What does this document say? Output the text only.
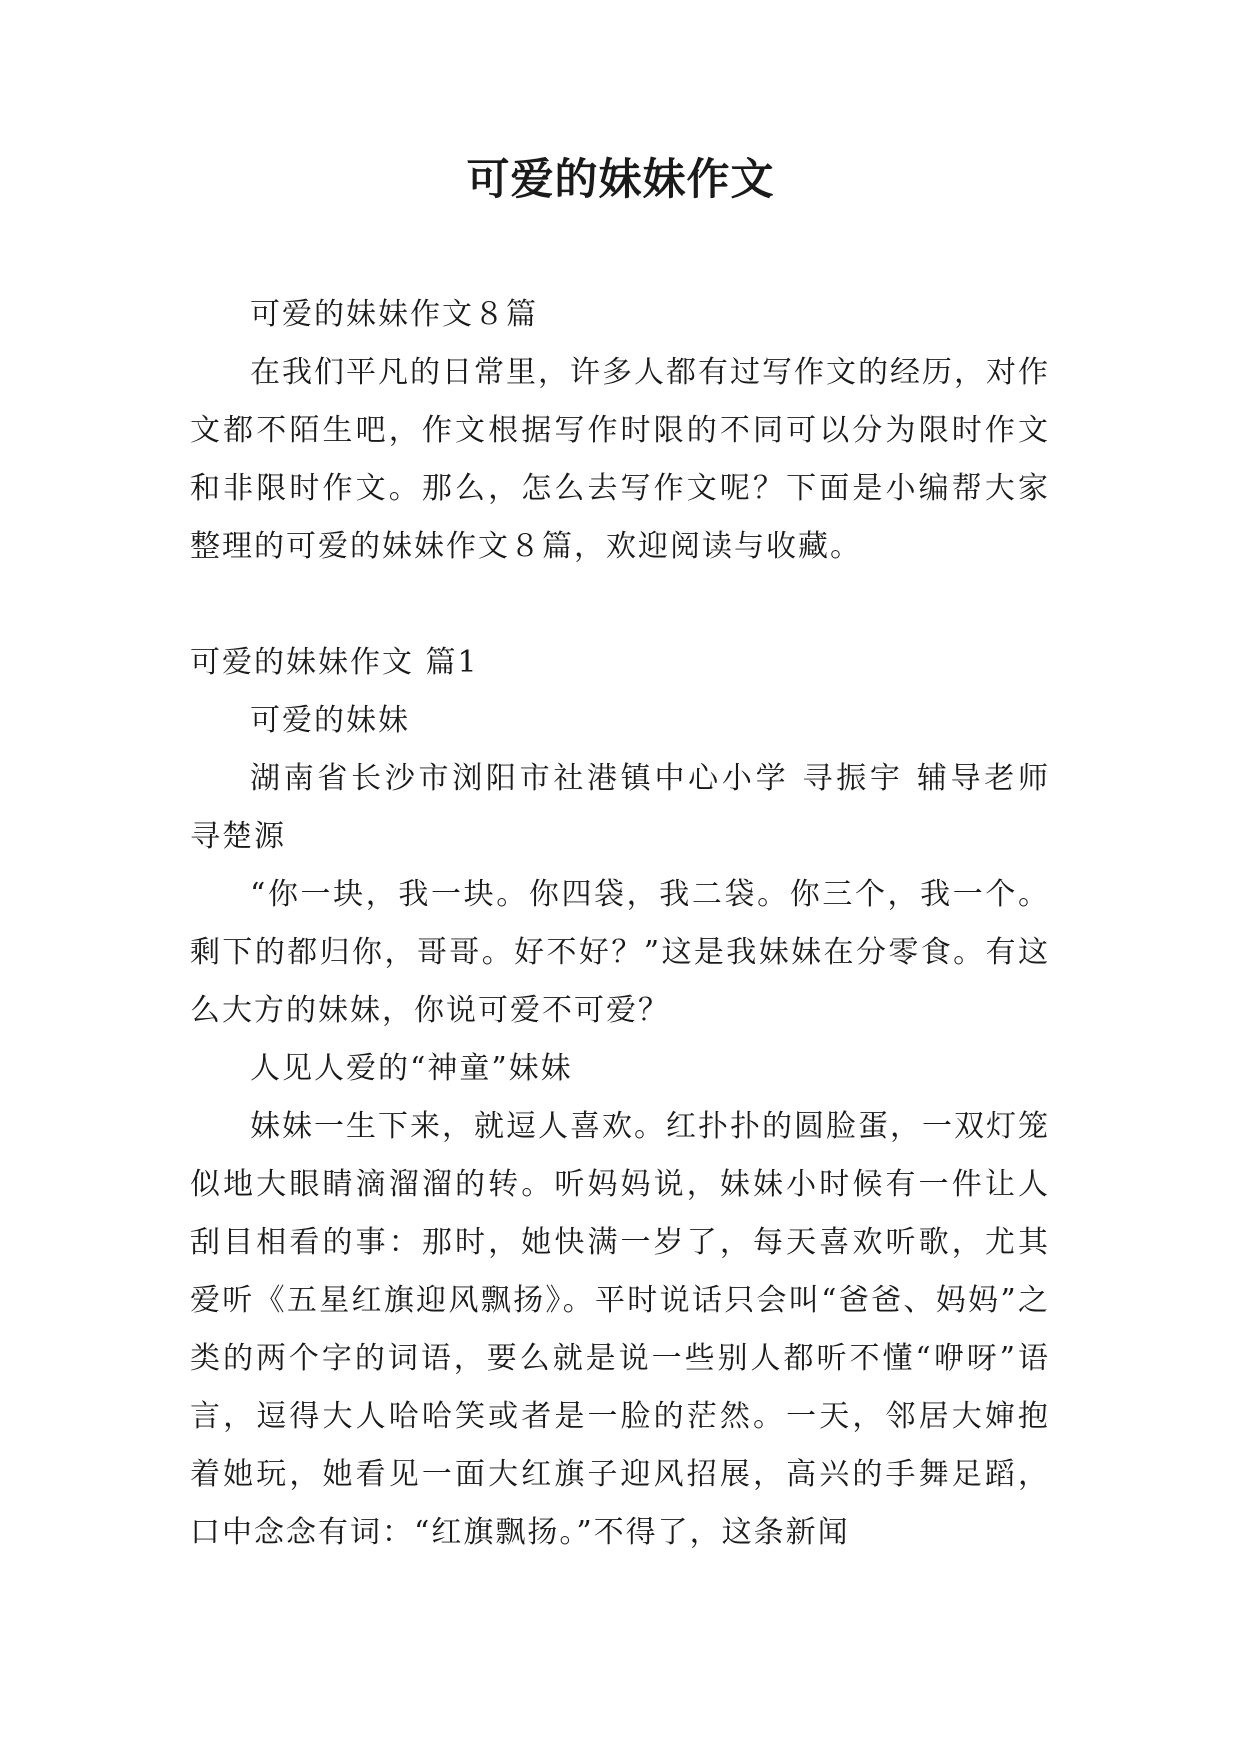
可爱的妹妹作文

可爱的妹妹作文８篇

在我们平凡的日常里，许多人都有过写作文的经历，对作文都不陌生吧，作文根据写作时限的不同可以分为限时作文和非限时作文。那么，怎么去写作文呢？下面是小编帮大家整理的可爱的妹妹作文８篇，欢迎阅读与收藏。

可爱的妹妹作文 篇1

可爱的妹妹

湖南省长沙市浏阳市社港镇中心小学 寻振宇 辅导老师 寻楚源

“你一块，我一块。你四袋，我二袋。你三个，我一个。剩下的都归你，哥哥。好不好？”这是我妹妹在分零食。有这么大方的妹妹，你说可爱不可爱？

人见人爱的“神童”妹妹

妹妹一生下来，就逗人喜欢。红扑扑的圆脸蛋，一双灯笼似地大眼睛滴溜溜的转。听妈妈说，妹妹小时候有一件让人刮目相看的事：那时，她快满一岁了，每天喜欢听歌，尤其爱听《五星红旗迎风飘扬》。平时说话只会叫“爸爸、妈妈”之类的两个字的词语，要么就是说一些别人都听不懂“咿呀”语言，逗得大人哈哈笑或者是一脸的茫然。一天，邻居大婶抱着她玩，她看见一面大红旗子迎风招展，高兴的手舞足蹈，口中念念有词：“红旗飘扬。”不得了，这条新闻
